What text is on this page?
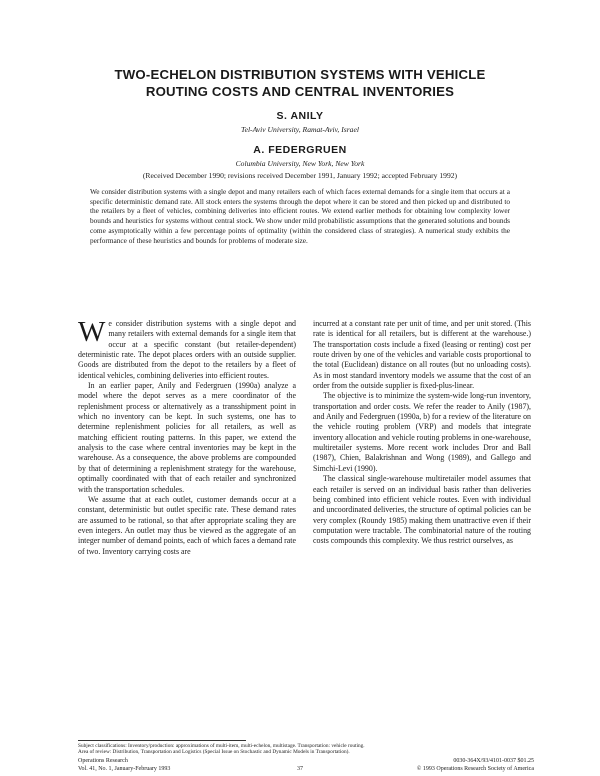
TWO-ECHELON DISTRIBUTION SYSTEMS WITH VEHICLE
ROUTING COSTS AND CENTRAL INVENTORIES
S. ANILY
Tel-Aviv University, Ramat-Aviv, Israel
A. FEDERGRUEN
Columbia University, New York, New York
(Received December 1990; revisions received December 1991, January 1992; accepted February 1992)
We consider distribution systems with a single depot and many retailers each of which faces external demands for a single item that occurs at a specific deterministic demand rate. All stock enters the systems through the depot where it can be stored and then picked up and distributed to the retailers by a fleet of vehicles, combining deliveries into efficient routes. We extend earlier methods for obtaining low complexity lower bounds and heuristics for systems without central stock. We show under mild probabilistic assumptions that the generated solutions and bounds come asymptotically within a few percentage points of optimality (within the considered class of strategies). A numerical study exhibits the performance of these heuristics and bounds for problems of moderate size.

We consider distribution systems with a single depot and many retailers with external demands for a single item that occur at a specific constant (but retailer-dependent) deterministic rate. The depot places orders with an outside supplier. Goods are distributed from the depot to the retailers by a fleet of identical vehicles, combining deliveries into efficient routes.

In an earlier paper, Anily and Federgruen (1990a) analyze a model where the depot serves as a mere coordinator of the replenishment process or alternatively as a transshipment point in which no inventory can be kept. In such systems, one has to determine replenishment policies for all retailers, as well as matching efficient routing patterns. In this paper, we extend the analysis to the case where central inventories may be kept in the warehouse. As a consequence, the above problems are compounded by that of determining a replenishment strategy for the warehouse, optimally coordinated with that of each retailer and synchronized with the transportation schedules.

We assume that at each outlet, customer demands occur at a constant, deterministic but outlet specific rate. These demand rates are assumed to be rational, so that after appropriate scaling they are even integers. An outlet may thus be viewed as the aggregate of an integer number of demand points, each of which faces a demand rate of two. Inventory carrying costs are

incurred at a constant rate per unit of time, and per unit stored. (This rate is identical for all retailers, but is different at the warehouse.) The transportation costs include a fixed (leasing or renting) cost per route driven by one of the vehicles and variable costs proportional to the total (Euclidean) distance on all routes (but no unloading costs). As in most standard inventory models we assume that the cost of an order from the outside supplier is fixed-plus-linear.

The objective is to minimize the system-wide long-run inventory, transportation and order costs. We refer the reader to Anily (1987), and Anily and Federgruen (1990a, b) for a review of the literature on the vehicle routing problem (VRP) and models that integrate inventory allocation and vehicle routing problems in one-warehouse, multiretailer systems. More recent work includes Dror and Ball (1987), Chien, Balakrishnan and Wong (1989), and Gallego and Simchi-Levi (1990).

The classical single-warehouse multiretailer model assumes that each retailer is served on an individual basis rather than deliveries being combined into efficient vehicle routes. Even with individual and uncoordinated deliveries, the structure of optimal policies can be very complex (Roundy 1985) making them unattractive even if their computation were tractable. The combinatorial nature of the routing costs compounds this complexity. We thus restrict ourselves, as

Subject classifications: Inventory/production: approximations of multi-item, multi-echelon, multistage. Transportation: vehicle routing.
Area of review: Distribution, Transportation and Logistics (Special Issue on Stochastic and Dynamic Models in Transportation).
Operations Research
Vol. 41, No. 1, January-February 1993	37
0030-364X/93/4101-0037 $01.25
© 1993 Operations Research Society of America
